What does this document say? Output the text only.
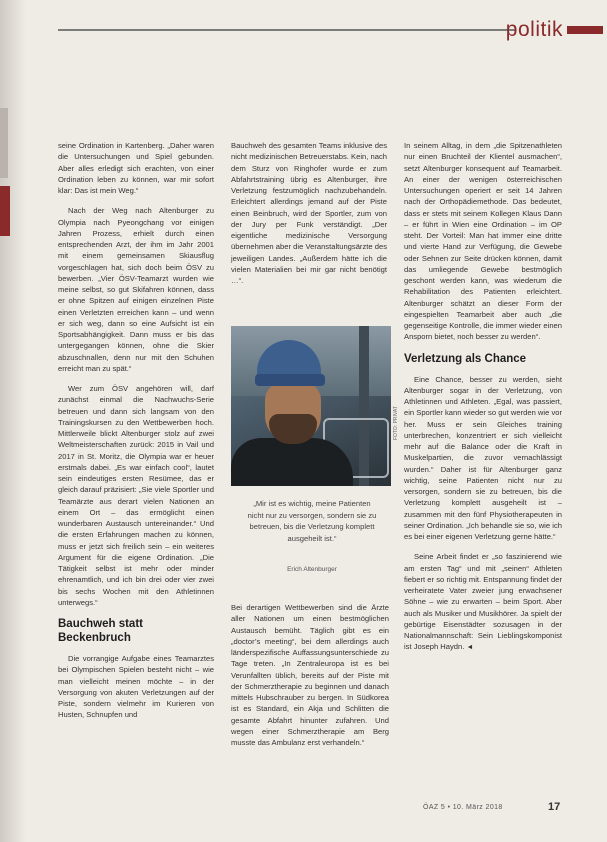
politik

seine Ordination in Kartenberg. „Daher waren die Untersuchungen und Spiel gebunden. Aber alles erledigt sich erachten, von einer Ordination leben zu können, war mir sofort klar: Das ist mein Weg.“

Nach der Weg nach Altenburger zu Olympia nach Pyeongchang vor einigen Jahren Prozess, erhielt durch einen entsprechenden Arzt, der ihm im Jahr 2001 mit einem gemeinsamen Skiausflug vorgeschlagen hat, sich doch beim ÖSV zu bewerben. „Vier ÖSV-Teamarzt wurden wie meine selbst, so gut Skifahren können, dass er ohne Spitzen auf einigen einzelnen Piste einen Verletzten erreichen kann – und wenn er sich weg, dann so eine Aufsicht ist ein Sportsabhängigkeit. Dann muss er bis das untergegangen können, ohne die Skier abzuschnallen, denn nur mit den Schuhen erreicht man zu spät.“

Wer zum ÖSV angehören will, darf zunächst einmal die Nachwuchs-Serie betreuen und dann sich langsam von den Trainingskursen zu den Wettbewerben hoch. Mittlerweile blickt Altenburger stolz auf zwei Weltmeisterschaften zurück: 2015 in Vail und 2017 in St. Moritz, die Olympia war er heuer erstmals dabei. „Es war einfach cool“, lautet sein eindeutiges ersten Resümee, das er gleich darauf präzisiert: „Sie viele Sportler und Teamärzte aus derart vielen Nationen an einem Ort – das ermöglicht einen wunderbaren Austausch untereinander.“ Und die ersten Erfahrungen machen zu können, muss er jetzt sich freilich sein – ein weiteres Argument für die eigene Ordination. „Die Tätigkeit selbst ist mehr oder minder ehrenamtlich, und ich bin drei oder vier zwei bis sechs Wochen mit den Athletinnen unterwegs.“

Bauchweh statt Beckenbruch

Die vorrangige Aufgabe eines Teamarztes bei Olympischen Spielen besteht nicht – wie man vielleicht meinen möchte – in der Versorgung von akuten Verletzungen auf der Piste, sondern vielmehr im Kurieren von Husten, Schnupfen und

Bauchweh des gesamten Teams inklusive des nicht medizinischen Betreuerstabs. Kein, nach dem Sturz von Ringhofer wurde er zum Abfahrtstraining übrig es Altenburger, ihre Verletzung festzumöglich nachzubehandeln. Erleichtert allerdings jemand auf der Piste einen Beinbruch, wird der Sportler, zum von der Jury per Funk verständigt. „Der eigentliche medizinische Versorgung übernehmen aber die Veranstaltungsärzte des jeweiligen Landes. „Außerdem hätte ich die vielen Materialien bei mir gar nicht benötigt …“.

FOTO: PRIVAT
„Mir ist es wichtig, meine Patienten nicht nur zu versorgen, sondern sie zu betreuen, bis die Verletzung komplett ausgeheilt ist.“
Erich Altenburger

Bei derartigen Wettbewerben sind die Ärzte aller Nationen um einen bestmöglichen Austausch bemüht. Täglich gibt es ein „doctor’s meeting“, bei dem allerdings auch länderspezifische Auffassungsunterschiede zu Tage treten. „In Zentraleuropa ist es bei Verunfallten üblich, bereits auf der Piste mit der Schmerztherapie zu beginnen und danach mittels Hubschrauber zu bergen. In Südkorea ist es Standard, ein Akja und Schlitten die gesamte Abfahrt hinunter zufahren. Und wegen einer Schmerztherapie am Berg musste das Ambulanz erst verhandeln.“

In seinem Alltag, in dem „die Spitzenathleten nur einen Bruchteil der Klientel ausmachen“, setzt Altenburger konsequent auf Teamarbeit. An einer der wenigen österreichischen Untersuchungen operiert er seit 14 Jahren nach der Orthopädiemethode. Das bedeutet, dass er stets mit seinem Kollegen Klaus Dann – er führt in Wien eine Ordination – im OP steht. Der Vorteil: Man hat immer eine dritte und vierte Hand zur Verfügung, die Gewebe oder Sehnen zur Seite drücken können, damit das umliegende Gewebe bestmöglich geschont werden kann, was wiederum die Rehabilitation des Patienten erleichtert. Altenburger schätzt an dieser Form der eingespielten Teamarbeit aber auch „die gegenseitige Kontrolle, die immer wieder einen Ansporn bietet, noch besser zu werden“.

Verletzung als Chance

Eine Chance, besser zu werden, sieht Altenburger sogar in der Verletzung, von Athletinnen und Athleten. „Egal, was passiert, ein Sportler kann wieder so gut werden wie vor her. Muss er sein Gleiches training unterbrechen, konzentriert er sich vielleicht mehr auf die Balance oder die Kraft in Muskelpartien, die zuvor vernachlässigt wurden.“ Daher ist für Altenburger ganz wichtig, seine Patienten nicht nur zu versorgen, sondern sie zu betreuen, bis die Verletzung komplett ausgeheilt ist – zusammen mit den fünf Physiotherapeuten in seiner Ordination. „Ich behandle sie so, wie ich es bei einer eigenen Verletzung gerne hätte.“

Seine Arbeit findet er „so faszinierend wie am ersten Tag“ und mit „seinen“ Athleten fiebert er so richtig mit. Entspannung findet der verheiratete Vater zweier jung erwachsener Söhne – wie zu erwarten – beim Sport. Aber auch als Musiker und Musikhörer. Ja spielt der gebürtige Eisenstädter sozusagen in der Nationalmannschaft: Sein Lieblingskomponist ist Joseph Haydn. ◄

ÖAZ 5 • 10. März 2018	17
